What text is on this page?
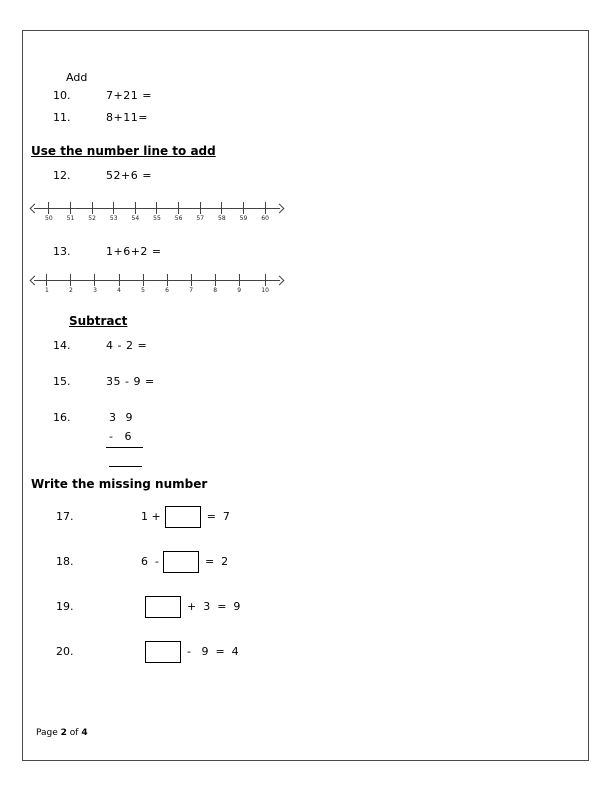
Add
10.	7+21 =
11.	8+11=
Use the number line to add
12.	52+6 =
50 51 52 53 54 55 56 57 58 59 60
13.	1+6+2 =
1	2	3	4	5	6	7	8	9	10
Subtract
14.	4 - 2 =
15.	35 - 9 =
16.	3 9
- 6
Write the missing number
17.	1 +	=  7
18.	6  -	=  2
19.	+  3  =  9
20.	-   9  =  4
Page 2 of 4
